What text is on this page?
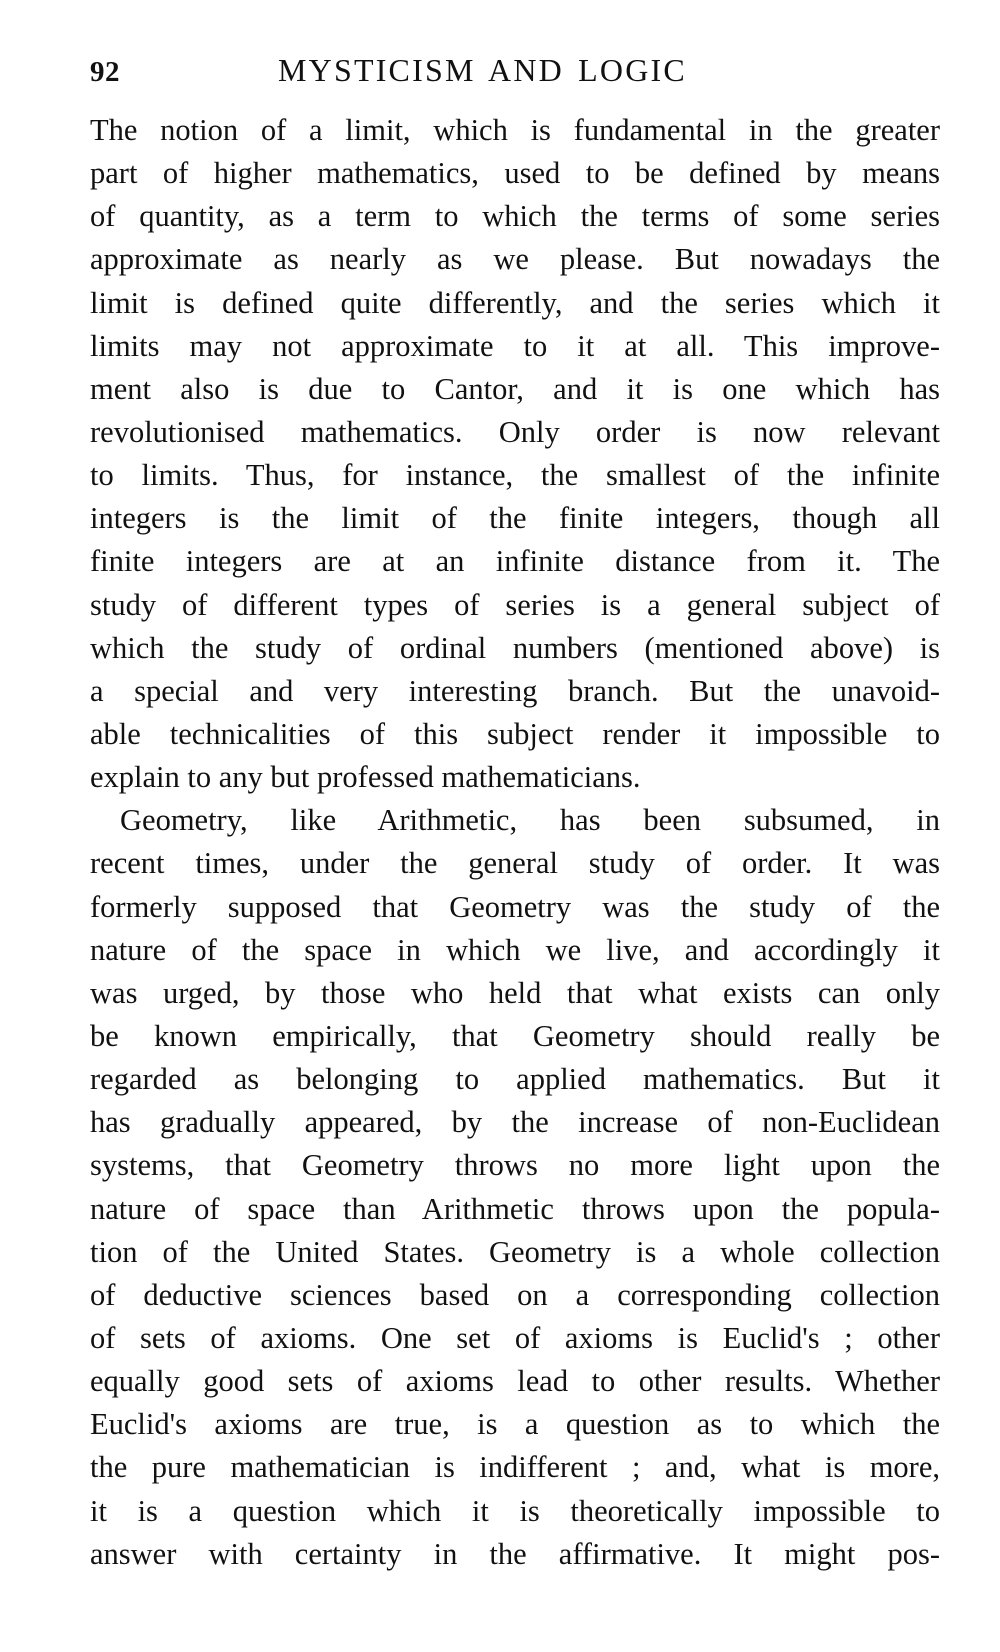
92	MYSTICISM AND LOGIC
The notion of a limit, which is fundamental in the greater
part of higher mathematics, used to be defined by means
of quantity, as a term to which the terms of some series
approximate as nearly as we please. But nowadays the
limit is defined quite differently, and the series which it
limits may not approximate to it at all. This improve-
ment also is due to Cantor, and it is one which has
revolutionised mathematics. Only order is now relevant
to limits. Thus, for instance, the smallest of the infinite
integers is the limit of the finite integers, though all
finite integers are at an infinite distance from it. The
study of different types of series is a general subject of
which the study of ordinal numbers (mentioned above) is
a special and very interesting branch. But the unavoid-
able technicalities of this subject render it impossible to
explain to any but professed mathematicians.
Geometry, like Arithmetic, has been subsumed, in
recent times, under the general study of order. It was
formerly supposed that Geometry was the study of the
nature of the space in which we live, and accordingly it
was urged, by those who held that what exists can only
be known empirically, that Geometry should really be
regarded as belonging to applied mathematics. But it
has gradually appeared, by the increase of non-Euclidean
systems, that Geometry throws no more light upon the
nature of space than Arithmetic throws upon the popula-
tion of the United States. Geometry is a whole collection
of deductive sciences based on a corresponding collection
of sets of axioms. One set of axioms is Euclid's ; other
equally good sets of axioms lead to other results. Whether
Euclid's axioms are true, is a question as to which the
the pure mathematician is indifferent ; and, what is more,
it is a question which it is theoretically impossible to
answer with certainty in the affirmative. It might pos-
